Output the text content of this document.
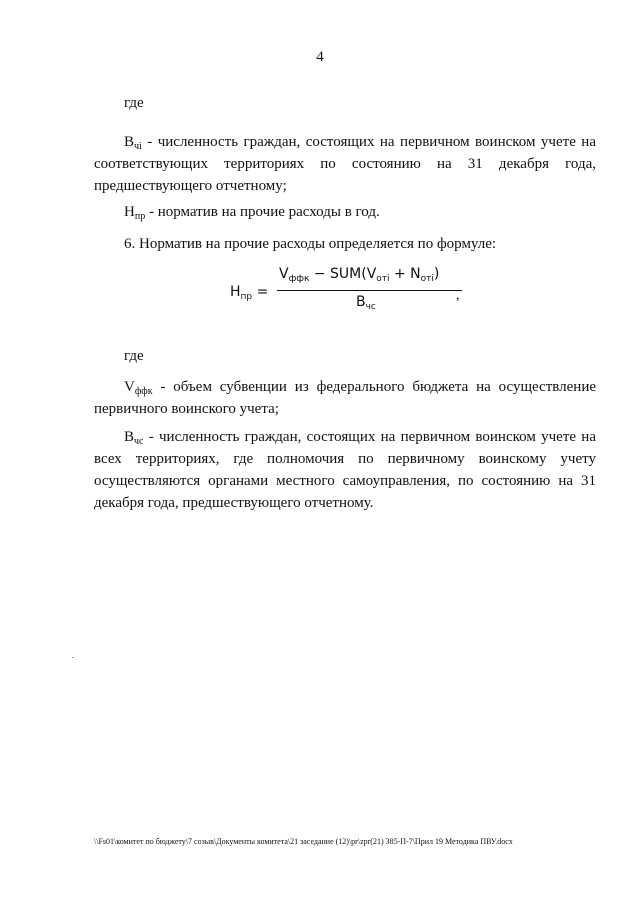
4

где

$B_{чi}$ - численность граждан, состоящих на первичном воинском учете на соответствующих территориях по состоянию на 31 декабря года, предшествующего отчетному;

$Н_{пр}$ - норматив на прочие расходы в год.

6. Норматив на прочие расходы определяется по формуле:

$Н_{пр}$ =
$V_{ффк} - SUM(V_{отi} + N_{отi})$
$B_{чс}$
,

где

$V_{ффк}$ - объем субвенции из федерального бюджета на осуществление первичного воинского учета;

$B_{чс}$ - численность граждан, состоящих на первичном воинском учете на всех территориях, где полномочия по первичному воинскому учету осуществляются органами местного самоуправления, по состоянию на 31 декабря года, предшествующего отчетному.

\\Fs01\комитет по бюджету\7 созыв\Документы комитета\21 заседание (12)\pr\zpr(21) 385-П-7\Прил 19 Методика ПВУ.docx
